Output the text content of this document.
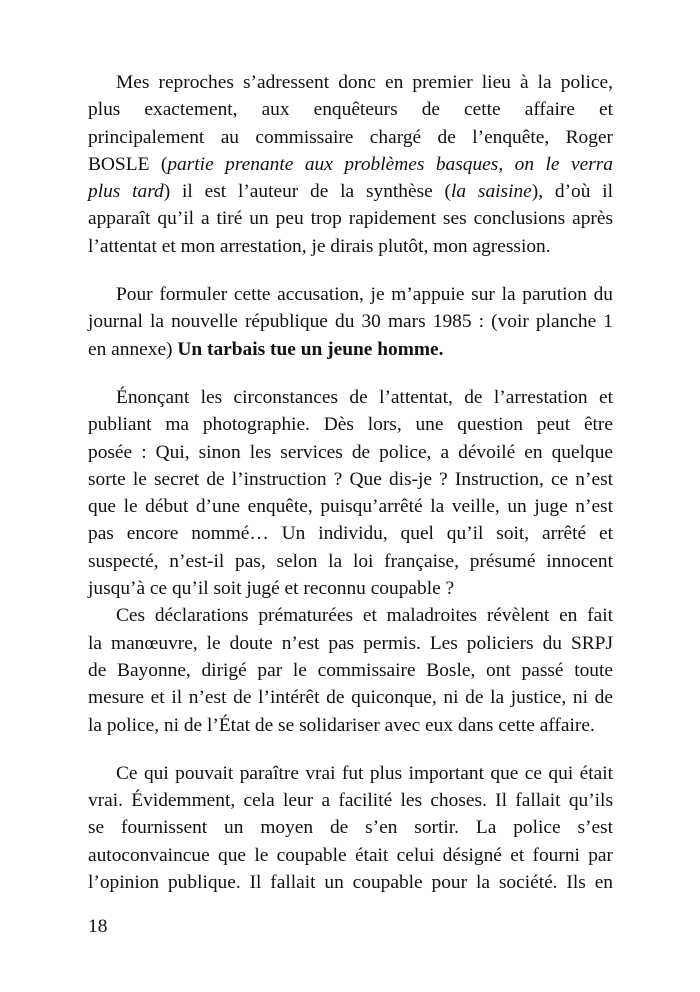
Mes reproches s’adressent donc en premier lieu à la police,
plus exactement, aux enquêteurs de cette affaire et
principalement au commissaire chargé de l’enquête, Roger
BOSLE (partie prenante aux problèmes basques, on le verra
plus tard) il est l’auteur de la synthèse (la saisine), d’où il
apparaît qu’il a tiré un peu trop rapidement ses conclusions après
l’attentat et mon arrestation, je dirais plutôt, mon agression.

Pour formuler cette accusation, je m’appuie sur la parution du
journal la nouvelle république du 30 mars 1985 : (voir planche 1
en annexe) Un tarbais tue un jeune homme.

Énonçant les circonstances de l’attentat, de l’arrestation et
publiant ma photographie. Dès lors, une question peut être
posée : Qui, sinon les services de police, a dévoilé en quelque
sorte le secret de l’instruction ? Que dis-je ? Instruction, ce n’est
que le début d’une enquête, puisqu’arrêté la veille, un juge n’est
pas encore nommé… Un individu, quel qu’il soit, arrêté et
suspecté, n’est-il pas, selon la loi française, présumé innocent
jusqu’à ce qu’il soit jugé et reconnu coupable ?

Ces déclarations prématurées et maladroites révèlent en fait
la manœuvre, le doute n’est pas permis. Les policiers du SRPJ
de Bayonne, dirigé par le commissaire Bosle, ont passé toute
mesure et il n’est de l’intérêt de quiconque, ni de la justice, ni de
la police, ni de l’État de se solidariser avec eux dans cette affaire.

Ce qui pouvait paraître vrai fut plus important que ce qui était
vrai. Évidemment, cela leur a facilité les choses. Il fallait qu’ils
se fournissent un moyen de s’en sortir. La police s’est
autoconvaincue que le coupable était celui désigné et fourni par
l’opinion publique. Il fallait un coupable pour la société. Ils en

18
